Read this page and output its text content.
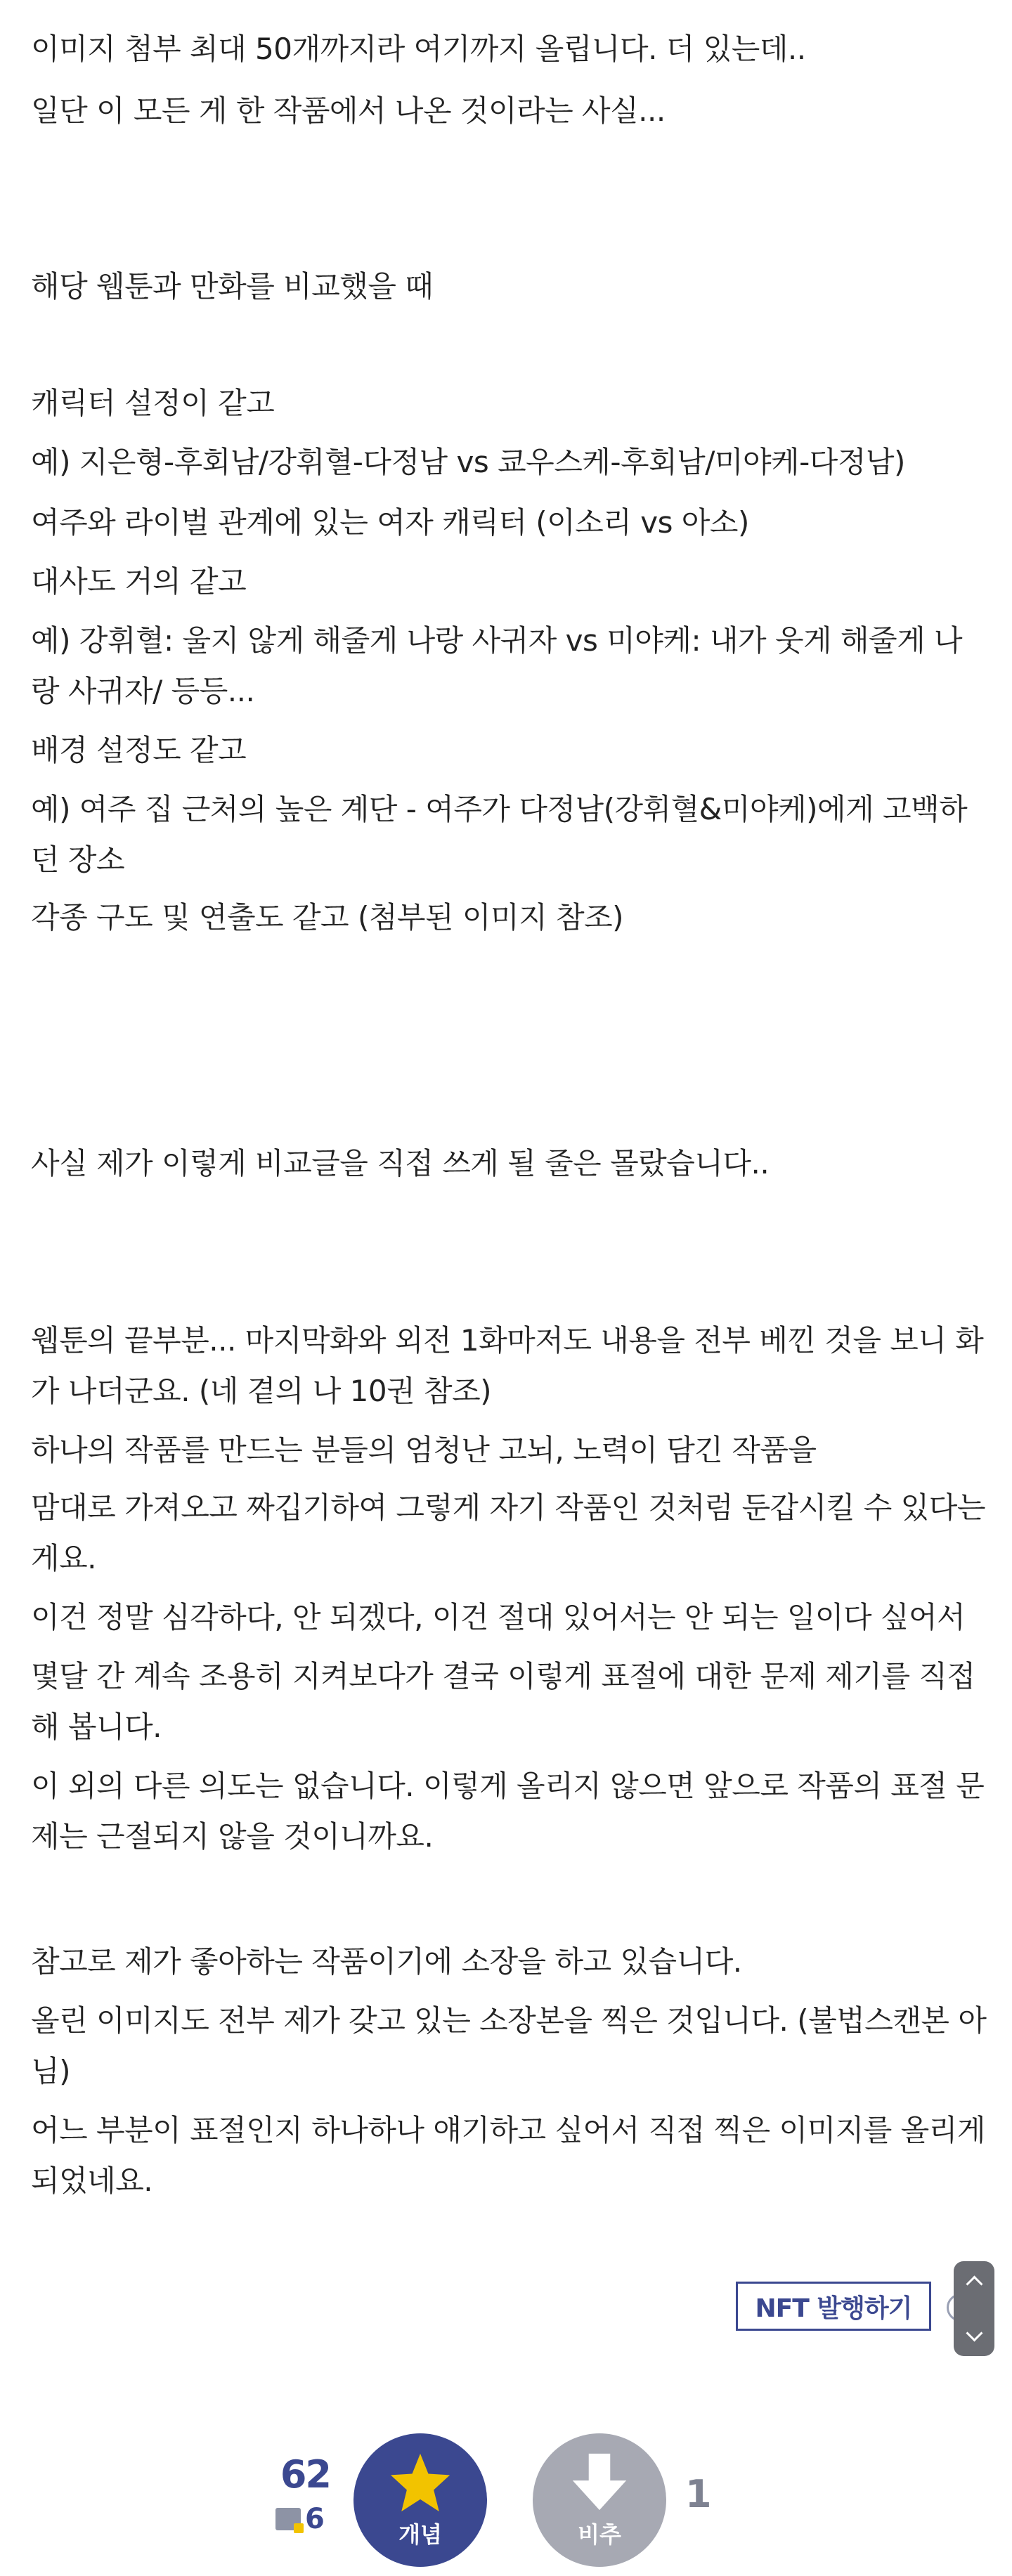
이미지 첨부 최대 50개까지라 여기까지 올립니다. 더 있는데..
일단 이 모든 게 한 작품에서 나온 것이라는 사실...
해당 웹툰과 만화를 비교했을 때
캐릭터 설정이 같고
예) 지은형-후회남/강휘혈-다정남 vs 쿄우스케-후회남/미야케-다정남)
여주와 라이벌 관계에 있는 여자 캐릭터 (이소리 vs 아소)
대사도 거의 같고
예) 강휘혈: 울지 않게 해줄게 나랑 사귀자 vs 미야케: 내가 웃게 해줄게 나랑 사귀자/ 등등...
배경 설정도 같고
예) 여주 집 근처의 높은 계단 - 여주가 다정남(강휘혈&미야케)에게 고백하던 장소
각종 구도 및 연출도 같고 (첨부된 이미지 참조)
사실 제가 이렇게 비교글을 직접 쓰게 될 줄은 몰랐습니다..
웹툰의 끝부분... 마지막화와 외전 1화마저도 내용을 전부 베낀 것을 보니 화가 나더군요. (네 곁의 나 10권 참조)
하나의 작품를 만드는 분들의 엄청난 고뇌, 노력이 담긴 작품을
맘대로 가져오고 짜깁기하여 그렇게 자기 작품인 것처럼 둔갑시킬 수 있다는 게요.
이건 정말 심각하다, 안 되겠다, 이건 절대 있어서는 안 되는 일이다 싶어서
몇달 간 계속 조용히 지켜보다가 결국 이렇게 표절에 대한 문제 제기를 직접 해 봅니다.
이 외의 다른 의도는 없습니다. 이렇게 올리지 않으면 앞으로 작품의 표절 문제는 근절되지 않을 것이니까요.
참고로 제가 좋아하는 작품이기에 소장을 하고 있습니다.
올린 이미지도 전부 제가 갖고 있는 소장본을 찍은 것입니다. (불법스캔본 아님)
어느 부분이 표절인지 하나하나 얘기하고 싶어서 직접 찍은 이미지를 올리게 되었네요.
NFT 발행하기
62
6	개념	비추
1
